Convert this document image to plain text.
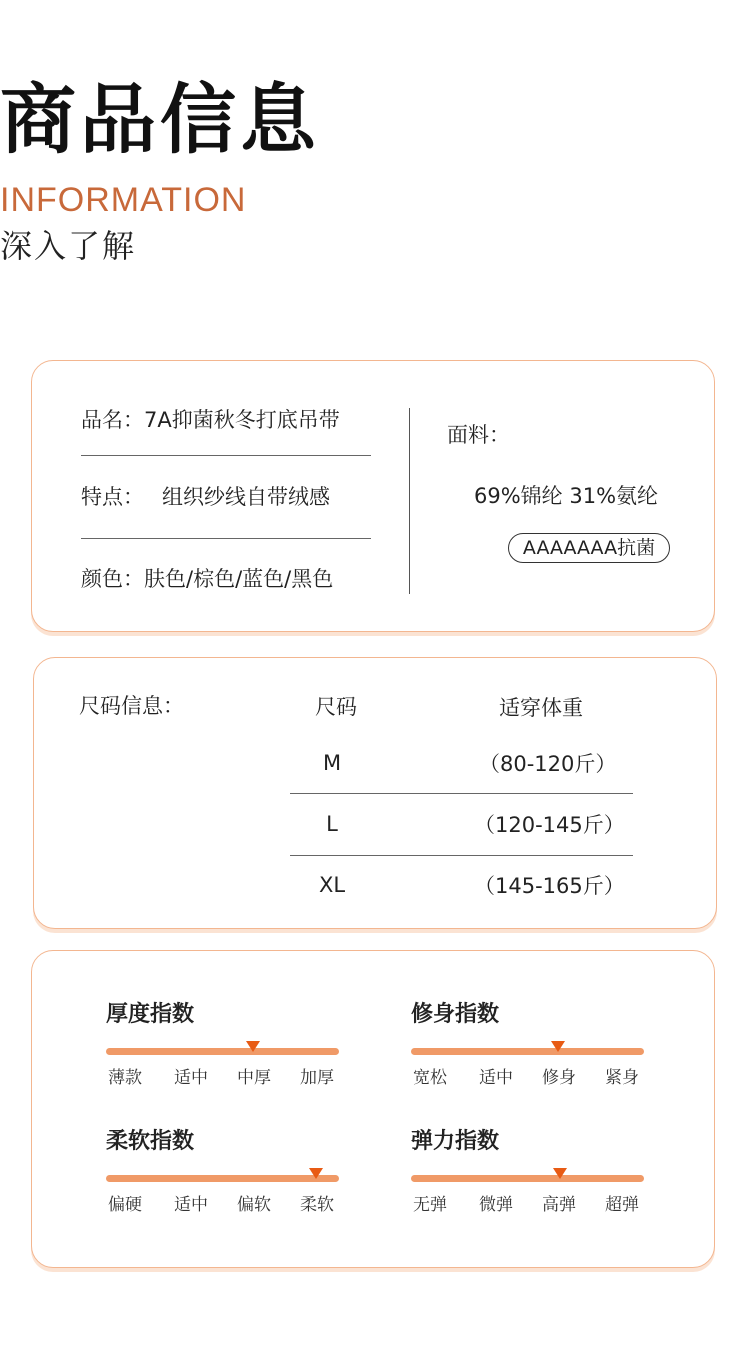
商品信息
INFORMATION
深入了解
品名：7A抑菌秋冬打底吊带
特点： 组织纱线自带绒感
颜色：肤色/棕色/蓝色/黑色
面料：
69%锦纶 31%氨纶
AAAAAAA抗菌
尺码信息：	尺码	适穿体重
M	（80-120斤）
L	（120-145斤）
XL	（145-165斤）
厚度指数
薄款	适中	中厚	加厚
修身指数
宽松	适中	修身	紧身
柔软指数
偏硬	适中	偏软	柔软
弹力指数
无弹	微弹	高弹	超弹
